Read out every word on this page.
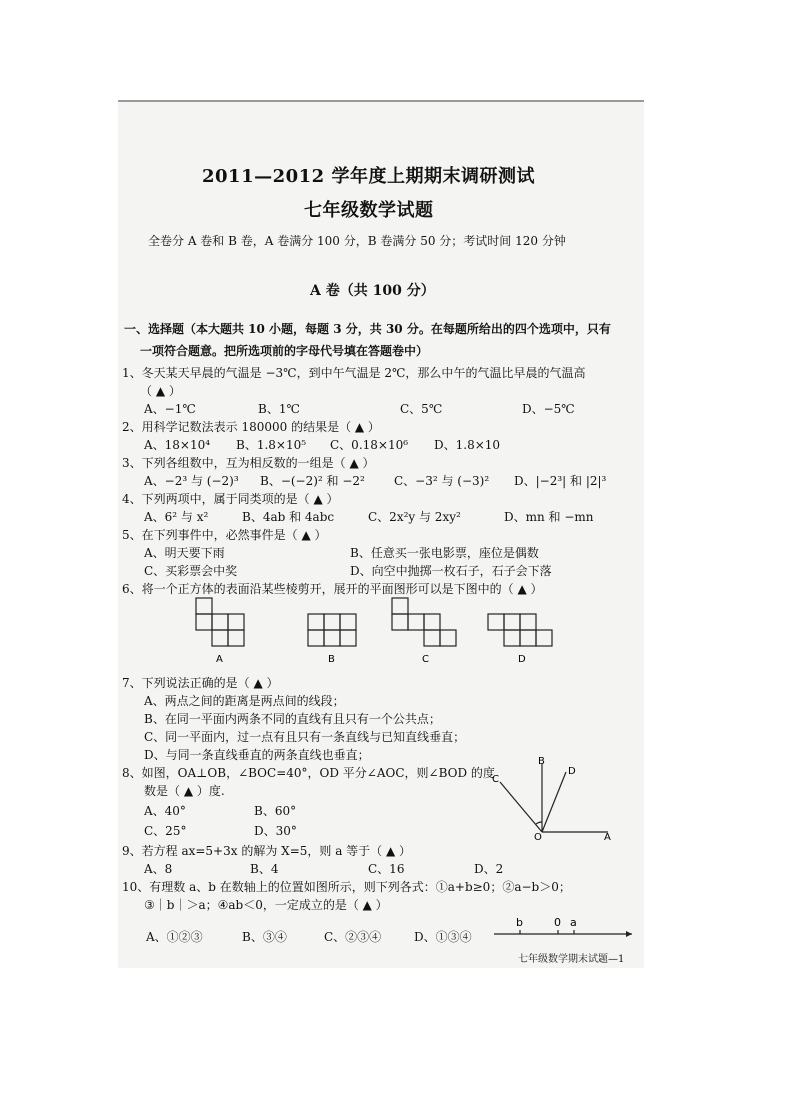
2011—2012 学年度上期期末调研测试
七年级数学试题
全卷分 A 卷和 B 卷，A 卷满分 100 分，B 卷满分 50 分；考试时间 120 分钟
A 卷（共 100 分）
一、选择题（本大题共 10 小题，每题 3 分，共 30 分。在每题所给出的四个选项中，只有
一项符合题意。把所选项前的字母代号填在答题卷中）
1、冬天某天早晨的气温是 −3℃，到中午气温是 2℃，那么中午的气温比早晨的气温高
（ ▲ ）
A、−1℃	B、1℃	C、5℃	D、−5℃
2、用科学记数法表示 180000 的结果是（ ▲ ）
A、18×10⁴ B、1.8×10⁵ C、0.18×10⁶ D、1.8×10
3、下列各组数中，互为相反数的一组是（ ▲ ）
A、−2³ 与 (−2)³ B、−(−2)² 和 −2² C、−3² 与 (−3)² D、|−2³| 和 |2|³
4、下列两项中，属于同类项的是（ ▲ ）
A、6² 与 x²	B、4ab 和 4abc	C、2x²y 与 2xy²	D、mn 和 −mn
5、在下列事件中，必然事件是（ ▲ ）
A、明天要下雨	B、任意买一张电影票，座位是偶数
C、买彩票会中奖	D、向空中抛掷一枚石子，石子会下落
6、将一个正方体的表面沿某些棱剪开，展开的平面图形可以是下图中的（ ▲ ）
A	B	C	D
7、下列说法正确的是（ ▲ ）
A、两点之间的距离是两点间的线段；
B、在同一平面内两条不同的直线有且只有一个公共点；
C、同一平面内，过一点有且只有一条直线与已知直线垂直；
D、与同一条直线垂直的两条直线也垂直；
8、如图，OA⊥OB，∠BOC=40°，OD 平分∠AOC，则∠BOD 的度
数是（ ▲ ）度.
A、40°	B、60°
C、25°	D、30°
B
C
D
O	A
9、若方程 ax=5+3x 的解为 X=5，则 a 等于（ ▲ ）
A、8	B、4	C、16	D、2
10、有理数 a、b 在数轴上的位置如图所示，则下列各式：①a+b≥0；②a−b＞0；
③｜b｜＞a；④ab＜0，一定成立的是（ ▲ ）
A、①②③	B、③④	C、②③④	D、①③④
b	0 a
七年级数学期末试题—1
